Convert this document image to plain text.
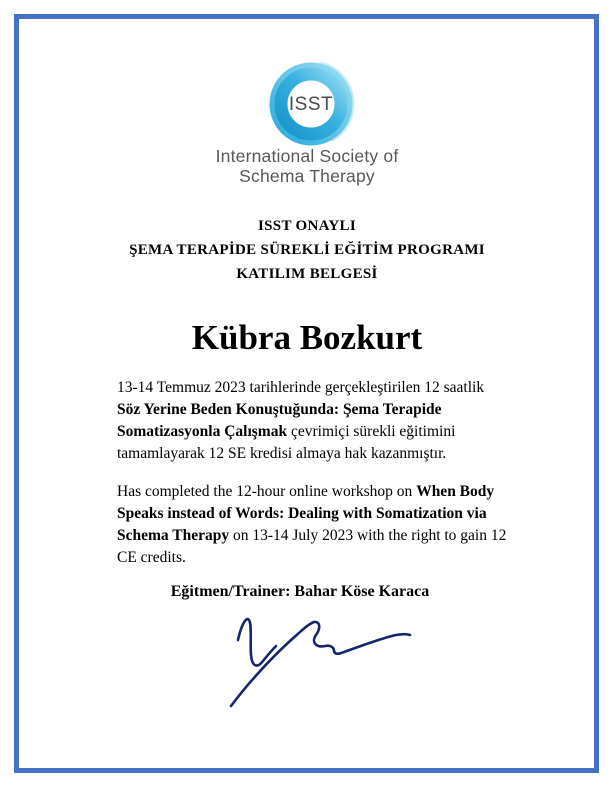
ISST
International Society of
Schema Therapy
ISST ONAYLI
ŞEMA TERAPİDE SÜREKLİ EĞİTİM PROGRAMI
KATILIM BELGESİ
Kübra Bozkurt

13-14 Temmuz 2023 tarihlerinde gerçekleştirilen 12 saatlik Söz Yerine Beden Konuştuğunda: Şema Terapide Somatizasyonla Çalışmak çevrimiçi sürekli eğitimini tamamlayarak 12 SE kredisi almaya hak kazanmıştır.

Has completed the 12-hour online workshop on When Body Speaks instead of Words: Dealing with Somatization via Schema Therapy on 13-14 July 2023 with the right to gain 12 CE credits.

Eğitmen/Trainer: Bahar Köse Karaca
